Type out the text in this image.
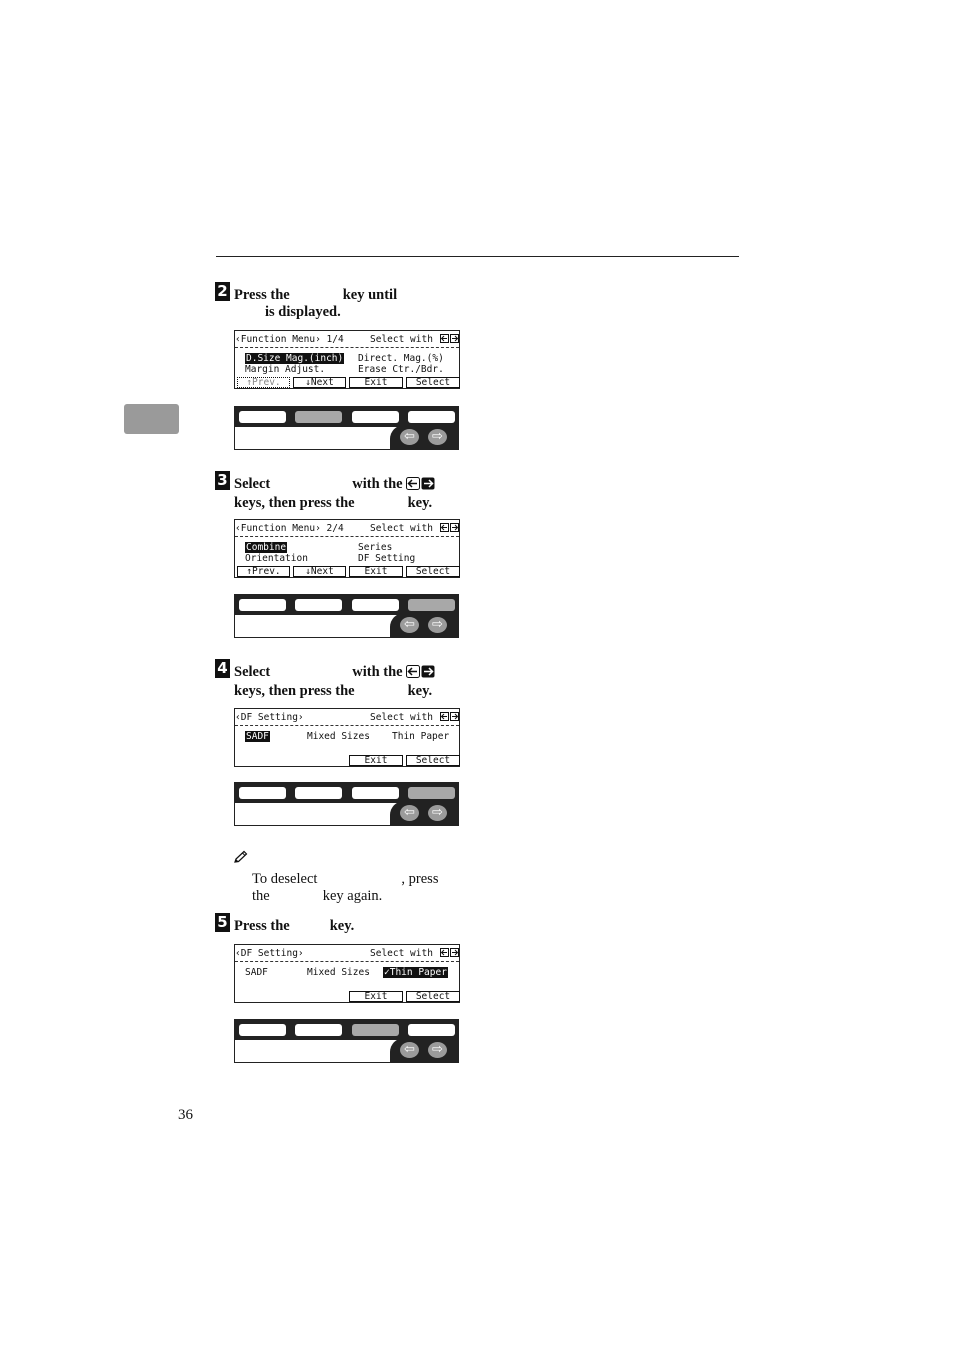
2 Press the	key until
is displayed.
‹Function Menu› 1/4	Select with
D.Size Mag.(inch) Direct. Mag.(%)
Margin Adjust.	Erase Ctr./Bdr.
↑Prev.	↓Next	Exit	Select
⇦	⇨
3 Select	with the
keys, then press the	key.
‹Function Menu› 2/4	Select with
Combine	Series
Orientation	DF Setting
↑Prev.	↓Next	Exit	Select
⇦	⇨
4 Select	with the
keys, then press the	key.
‹DF Setting›	Select with
SADF	Mixed Sizes Thin Paper
Exit	Select
⇦	⇨
To deselect	, press
the	key again.
5 Press the	key.
‹DF Setting›	Select with
SADF	Mixed Sizes ✓Thin Paper
Exit	Select
⇦	⇨
36
